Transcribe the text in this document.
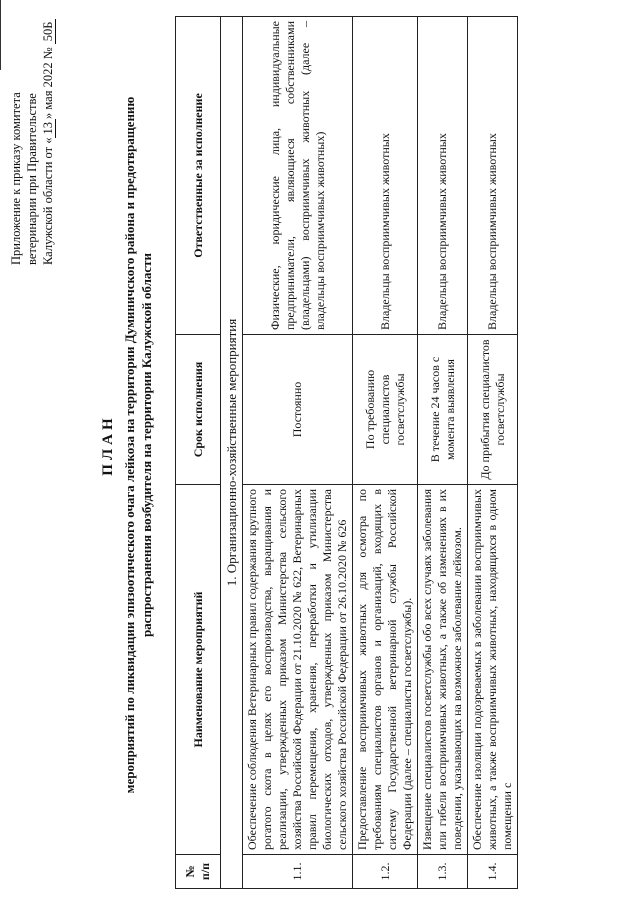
Приложение к приказу комитета ветеринарии при Правительстве Калужской области от «13» мая 2022 № 50Б
ПЛАН мероприятий по ликвидации эпизоотического очага лейкоза на территории Думиничского района и предотвращению распространения возбудителя на территории Калужской области
№ п/п	Наименование мероприятий	Срок исполнения	Ответственные за исполнение
1. Организационно-хозяйственные мероприятия			
1.1.	Обеспечение соблюдения Ветеринарных правил содержания крупного рогатого скота в целях его воспроизводства, выращивания и реализации, утвержденных приказом Министерства сельского хозяйства Российской Федерации от 21.10.2020 № 622, Ветеринарных правил перемещения, хранения, переработки и утилизации биологических отходов, утвержденных приказом Министерства сельского хозяйства Российской Федерации от 26.10.2020 № 626	Постоянно	Физические, юридические лица, индивидуальные предприниматели, являющиеся собственниками (владельцами) восприимчивых животных (далее – владельцы восприимчивых животных)
1.2.	Предоставление восприимчивых животных для осмотра по требованиям специалистов органов и организаций, входящих в систему Государственной ветеринарной службы Российской Федерации (далее – специалисты госветслужбы).	По требованию специалистов госветслужбы	Владельцы восприимчивых животных
1.3.	Извещение специалистов госветслужбы обо всех случаях заболевания или гибели восприимчивых животных, а также об изменениях в их поведении, указывающих на возможное заболевание лейкозом.	В течение 24 часов с момента выявления	Владельцы восприимчивых животных
1.4.	Обеспечение изоляции подозреваемых в заболевании восприимчивых животных, а также восприимчивых животных, находящихся в одном помещении с	До прибытия специалистов госветслужбы	Владельцы восприимчивых животных
